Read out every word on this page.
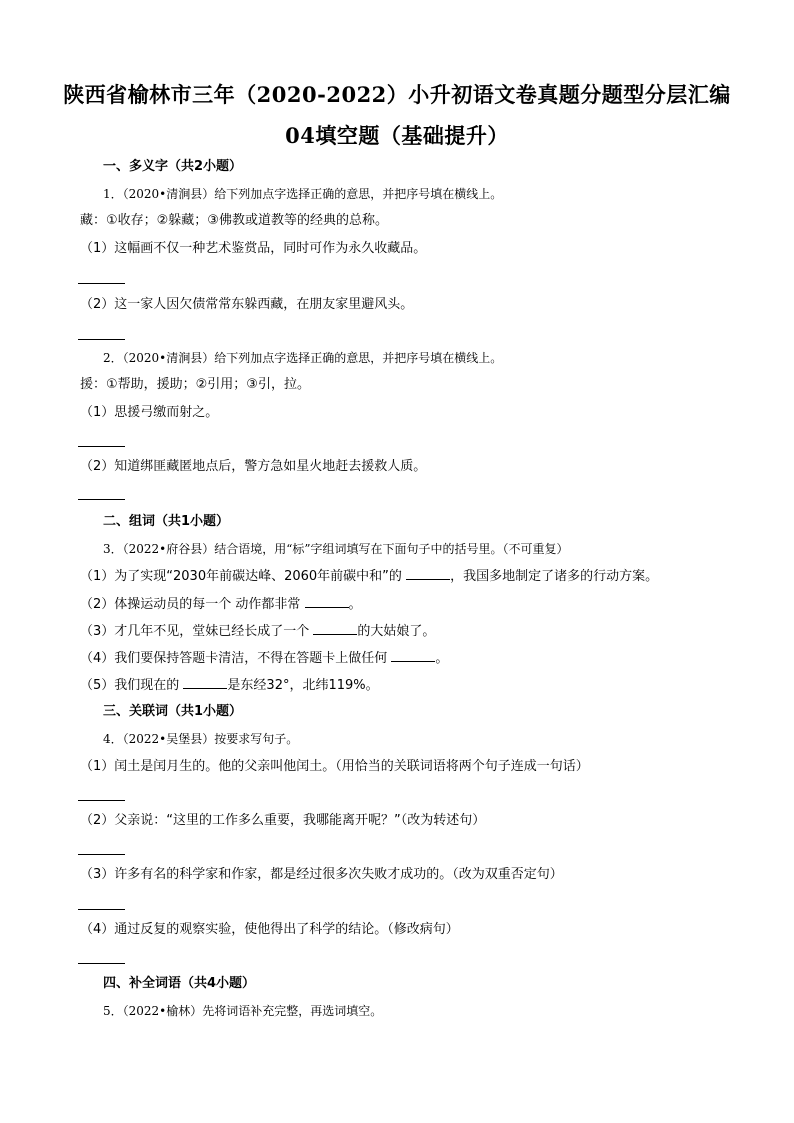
陕西省榆林市三年（2020-2022）小升初语文卷真题分题型分层汇编
04填空题（基础提升）
一、多义字（共2小题）
1．（2020•清涧县）给下列加点字选择正确的意思，并把序号填在横线上。
藏：①收存；②躲藏；③佛教或道教等的经典的总称。
（1）这幅画不仅一种艺术鉴赏品，同时可作为永久收藏品。
（2）这一家人因欠债常常东躲西藏，在朋友家里避风头。
2．（2020•清涧县）给下列加点字选择正确的意思，并把序号填在横线上。
援：①帮助，援助；②引用；③引，拉。
（1）思援弓缴而射之。
（2）知道绑匪藏匿地点后，警方急如星火地赶去援救人质。
二、组词（共1小题）
3．（2022•府谷县）结合语境，用“标”字组词填写在下面句子中的括号里。（不可重复）
（1）为了实现“2030年前碳达峰、2060年前碳中和”的	，我国多地制定了诸多的行动方案。
（2）体操运动员的每一个 动作都非常	。
（3）才几年不见，堂妹已经长成了一个	的大姑娘了。
（4）我们要保持答题卡清洁，不得在答题卡上做任何	。
（5）我们现在的	是东经32°，北纬119%。
三、关联词（共1小题）
4．（2022•吴堡县）按要求写句子。
（1）闰土是闰月生的。他的父亲叫他闰土。（用恰当的关联词语将两个句子连成一句话）
（2）父亲说：“这里的工作多么重要，我哪能离开呢？”（改为转述句）
（3）许多有名的科学家和作家，都是经过很多次失败才成功的。（改为双重否定句）
（4）通过反复的观察实验，使他得出了科学的结论。（修改病句）
四、补全词语（共4小题）
5．（2022•榆林）先将词语补充完整，再选词填空。
